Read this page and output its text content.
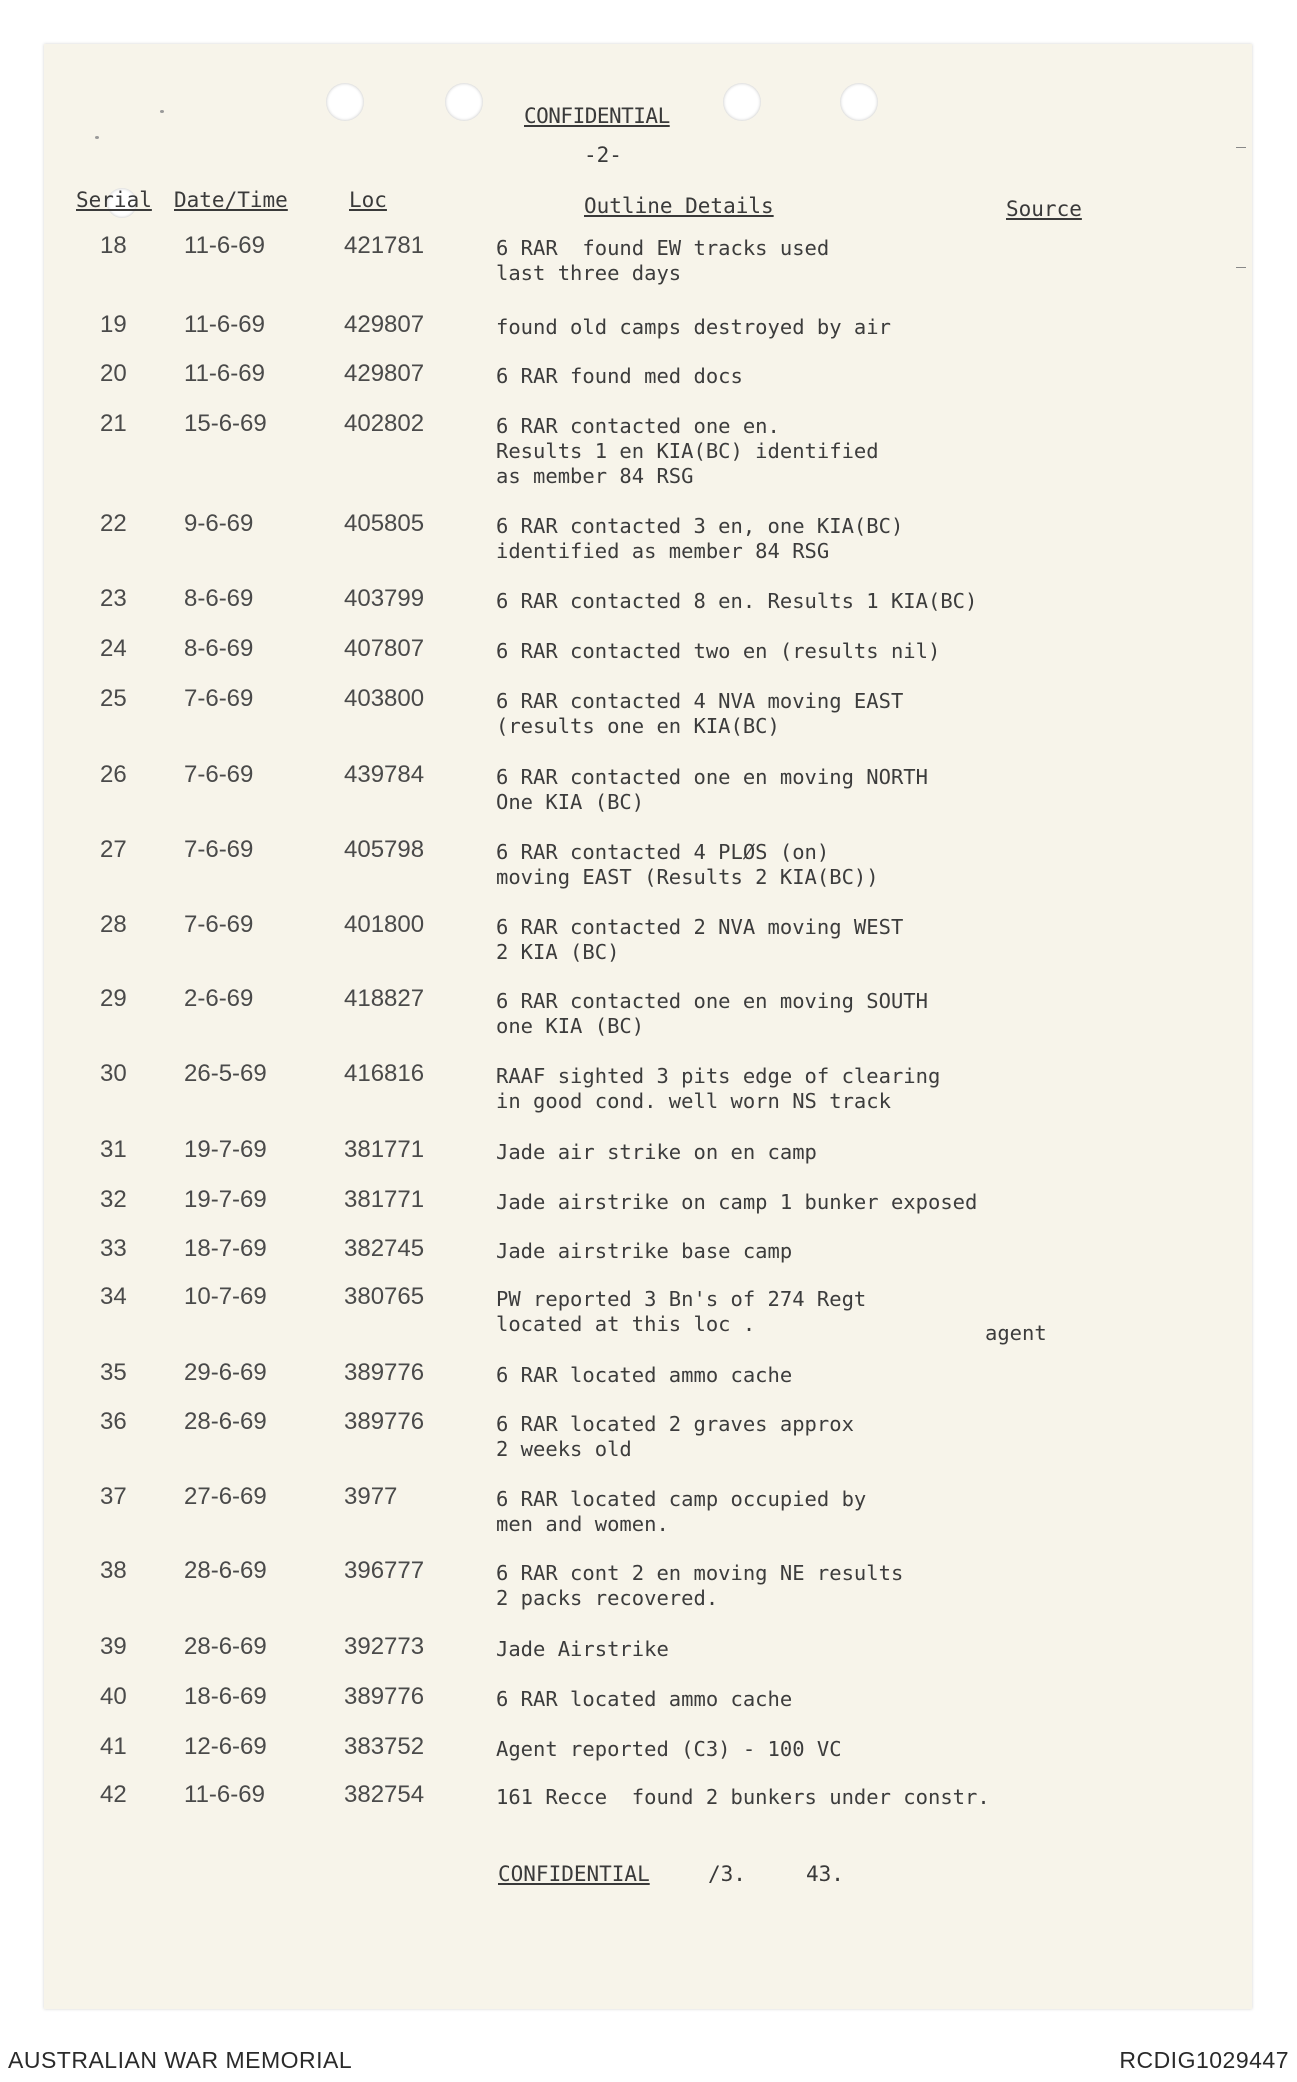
CONFIDENTIAL
-2-
Serial Date/Time	Loc	Outline Details	Source
18 11-6-69	421781	6 RAR  found EW tracks used
last three days
19 11-6-69	429807	found old camps destroyed by air
20 11-6-69	429807	6 RAR found med docs
21 15-6-69	402802	6 RAR contacted one en.
Results 1 en KIA(BC) identified
as member 84 RSG
22 9-6-69	405805	6 RAR contacted 3 en, one KIA(BC)
identified as member 84 RSG
23 8-6-69	403799	6 RAR contacted 8 en. Results 1 KIA(BC)
24 8-6-69	407807	6 RAR contacted two en (results nil)
25 7-6-69	403800	6 RAR contacted 4 NVA moving EAST
(results one en KIA(BC)
26 7-6-69	439784	6 RAR contacted one en moving NORTH
One KIA (BC)
27 7-6-69	405798	6 RAR contacted 4 PLØS (on)
moving EAST (Results 2 KIA(BC))
28 7-6-69	401800	6 RAR contacted 2 NVA moving WEST
2 KIA (BC)
29 2-6-69	418827	6 RAR contacted one en moving SOUTH
one KIA (BC)
30 26-5-69	416816	RAAF sighted 3 pits edge of clearing
in good cond. well worn NS track
31 19-7-69	381771	Jade air strike on en camp
32 19-7-69	381771	Jade airstrike on camp 1 bunker exposed
33 18-7-69	382745	Jade airstrike base camp
34 10-7-69	380765	PW reported 3 Bn's of 274 Regt
located at this loc .	agent
35 29-6-69	389776	6 RAR located ammo cache
36 28-6-69	389776	6 RAR located 2 graves approx
2 weeks old
37 27-6-69	3977	6 RAR located camp occupied by
men and women.
38 28-6-69	396777	6 RAR cont 2 en moving NE results
2 packs recovered.
39 28-6-69	392773	Jade Airstrike
40 18-6-69	389776	6 RAR located ammo cache
41 12-6-69	383752	Agent reported (C3) - 100 VC
42 11-6-69	382754	161 Recce  found 2 bunkers under constr.
CONFIDENTIAL	/3.	43.
AUSTRALIAN WAR MEMORIAL	RCDIG1029447
